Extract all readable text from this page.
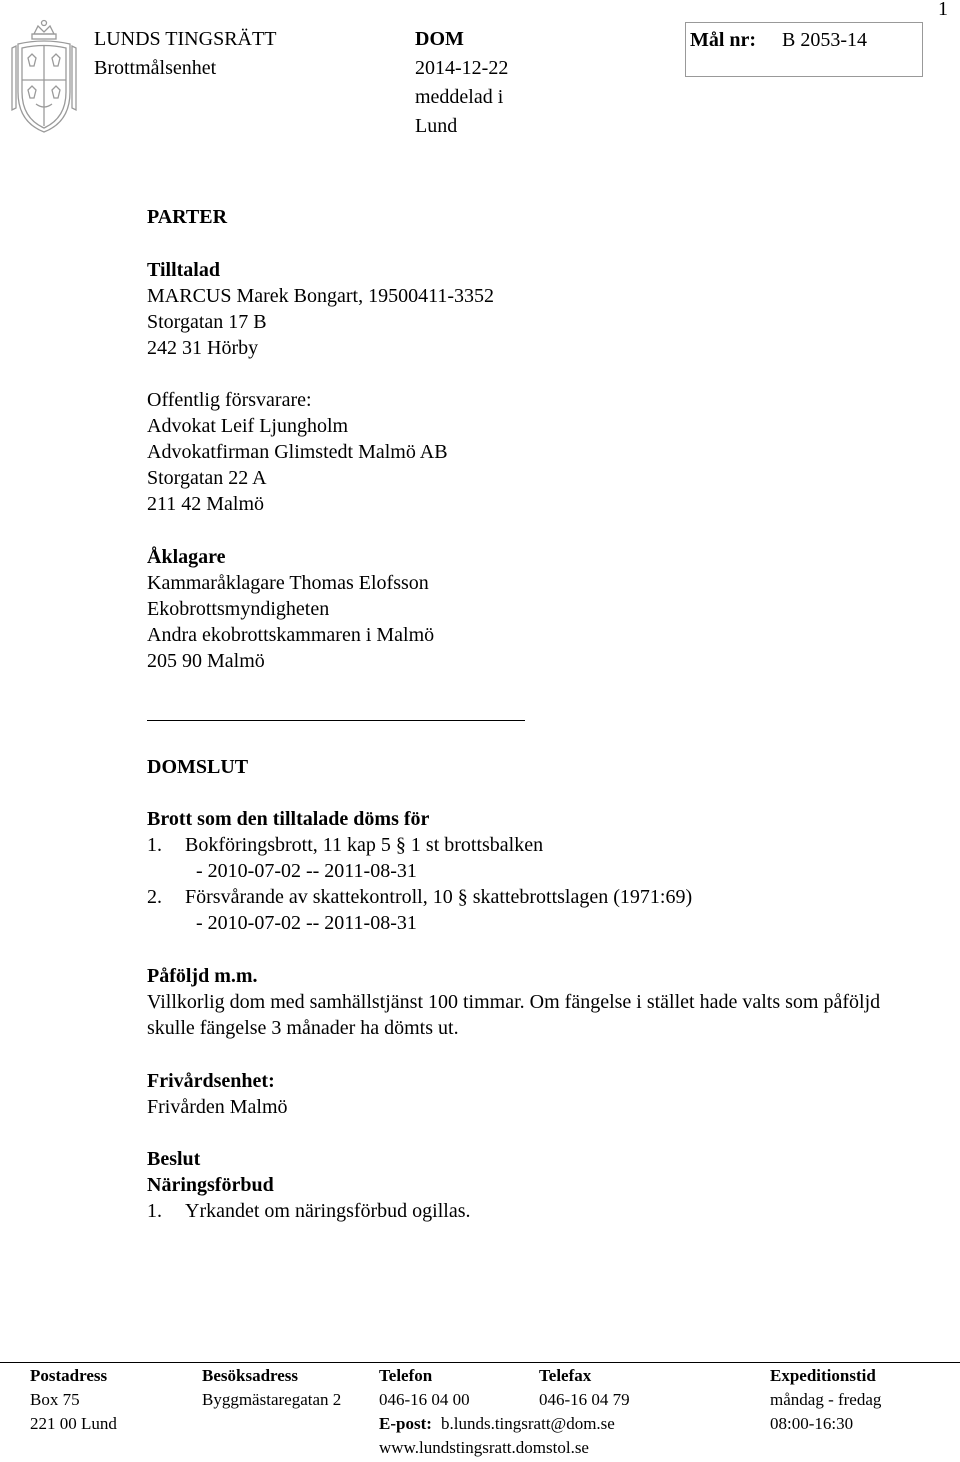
1
LUNDS TINGSRÄTT
Brottmålsenhet
DOM
2014-12-22
meddelad i
Lund
Mål nr: B 2053-14
PARTER
Tilltalad
MARCUS Marek Bongart, 19500411-3352
Storgatan 17 B
242 31 Hörby
Offentlig försvarare:
Advokat Leif Ljungholm
Advokatfirman Glimstedt Malmö AB
Storgatan 22 A
211 42 Malmö
Åklagare
Kammaråklagare Thomas Elofsson
Ekobrottsmyndigheten
Andra ekobrottskammaren i Malmö
205 90 Malmö
DOMSLUT
Brott som den tilltalade döms för
1. Bokföringsbrott, 11 kap 5 § 1 st brottsbalken
- 2010-07-02 -- 2011-08-31
2. Försvårande av skattekontroll, 10 § skattebrottslagen (1971:69)
- 2010-07-02 -- 2011-08-31
Påföljd m.m.
Villkorlig dom med samhällstjänst 100 timmar. Om fängelse i stället hade valts som påföljd
skulle fängelse 3 månader ha dömts ut.
Frivårdsenhet:
Frivården Malmö
Beslut
Näringsförbud
1. Yrkandet om näringsförbud ogillas.
Postadress
Box 75
221 00 Lund
Besöksadress
Byggmästaregatan 2
Telefon
046-16 04 00
E-post: b.lunds.tingsratt@dom.se
www.lundstingsratt.domstol.se
Telefax
046-16 04 79
Expeditionstid
måndag - fredag
08:00-16:30
